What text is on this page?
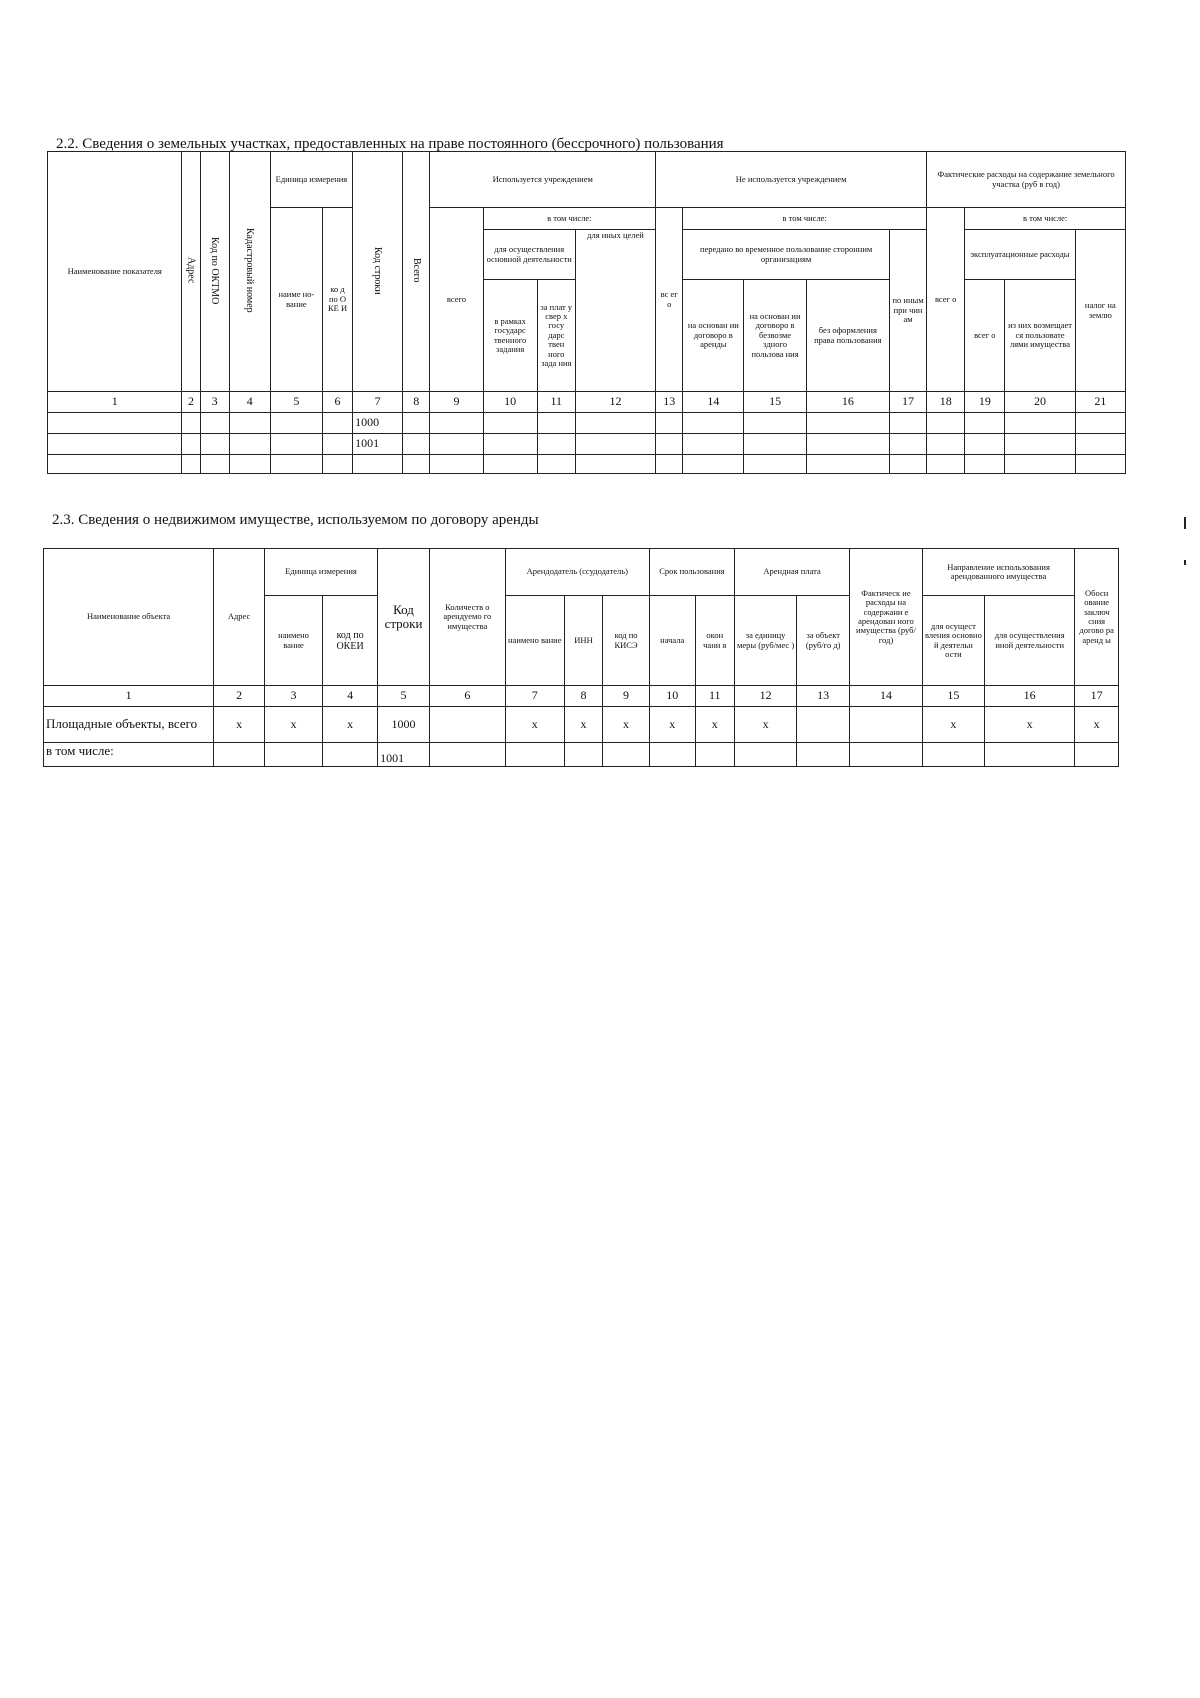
2.2. Сведения о земельных участках, предоставленных на праве постоянного (бессрочного) пользования
Наименование показателя	Адрес	Код по ОКТМО	Кадастровый номер	Единица измерения		Код строки	Всего	Используется учреждением				Не используется учреждением					Фактические расходы на содержание земельного участка (руб в год)			
				наиме но-вание	ко д по О КЕ И			всего	в том числе:			вс ег о	в том числе:				всег о	в том числе:		
									для осуществления основной деятельности		для иных целей		передано во временное пользование сторонним организациям			по иным при чин ам		эксплуатационные расходы		налог на землю

									в рамках государс твенного задания	за плат у свер х госу дарс твен ного зада ния			на основан ии договоро в аренды	на основан ии договоро в безвозме здного пользова ния	без оформления права пользования			всег о	из них возмещает ся пользовате лями имущества	

1	2	3	4	5	6	7	8	9	10	11	12	13	14	15	16	17	18	19	20	21
						1000														
						1001														

2.3. Сведения о недвижимом имуществе, используемом по договору аренды
Наименование объекта	Адрес	Единица измерения		Код строки	Количеств о арендуемо го имущества	Арендодатель (ссудодатель)			Срок пользования		Арендная плата		Фактическ ие расходы на содержани е арендован ного имущества (руб/год)	Направление использования арендованного имущества		Обосн ование заключ сния догово ра аренд ы
		наимено вание	код по ОКЕИ			наимено вание	ИНН	код по КИСЭ	начала	окон чани я	за единицу меры (руб/мес )	за объект (руб/го д)		для осущест вления основно й деятельн ости	для осуществления иной деятельности	
1	2	3	4	5	6	7	8	9	10	11	12	13	14	15	16	17
Площадные объекты, всего	x	x	x	1000		x	x	x	x	x	x			x	x	x
в том числе:				1001												
